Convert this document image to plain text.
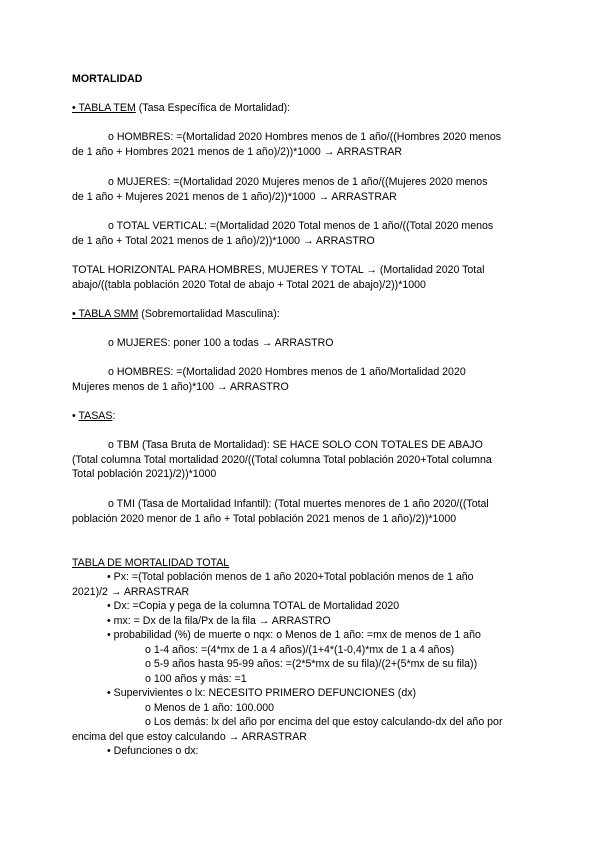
MORTALIDAD

• TABLA TEM (Tasa Específica de Mortalidad):

o HOMBRES: =(Mortalidad 2020 Hombres menos de 1 año/((Hombres 2020 menos de 1 año + Hombres 2021 menos de 1 año)/2))*1000 → ARRASTRAR

o MUJERES: =(Mortalidad 2020 Mujeres menos de 1 año/((Mujeres 2020 menos de 1 año + Mujeres 2021 menos de 1 año)/2))*1000 → ARRASTRAR

o TOTAL VERTICAL: =(Mortalidad 2020 Total menos de 1 año/((Total 2020 menos de 1 año + Total 2021 menos de 1 año)/2))*1000 → ARRASTRO

TOTAL HORIZONTAL PARA HOMBRES, MUJERES Y TOTAL → (Mortalidad 2020 Total abajo/((tabla población 2020 Total de abajo + Total 2021 de abajo)/2))*1000

• TABLA SMM (Sobremortalidad Masculina):

o MUJERES: poner 100 a todas → ARRASTRO

o HOMBRES: =(Mortalidad 2020 Hombres menos de 1 año/Mortalidad 2020 Mujeres menos de 1 año)*100 → ARRASTRO

• TASAS:

o TBM (Tasa Bruta de Mortalidad): SE HACE SOLO CON TOTALES DE ABAJO (Total columna Total mortalidad 2020/((Total columna Total población 2020+Total columna Total población 2021)/2))*1000

o TMI (Tasa de Mortalidad Infantil): (Total muertes menores de 1 año 2020/((Total población 2020 menor de 1 año + Total población 2021 menos de 1 año)/2))*1000

TABLA DE MORTALIDAD TOTAL

• Px: =(Total población menos de 1 año 2020+Total población menos de 1 año 2021)/2 → ARRASTRAR

• Dx: =Copia y pega de la columna TOTAL de Mortalidad 2020

• mx: = Dx de la fila/Px de la fila → ARRASTRO

• probabilidad (%) de muerte o nqx: o Menos de 1 año: =mx de menos de 1 año

o 1-4 años: =(4*mx de 1 a 4 años)/(1+4*(1-0,4)*mx de 1 a 4 años)

o 5-9 años hasta 95-99 años: =(2*5*mx de su fila)/(2+(5*mx de su fila))

o 100 años y más: =1

• Supervivientes o lx: NECESITO PRIMERO DEFUNCIONES (dx)

o Menos de 1 año: 100.000

o Los demás: lx del año por encima del que estoy calculando-dx del año por

encima del que estoy calculando → ARRASTRAR

• Defunciones o dx:
